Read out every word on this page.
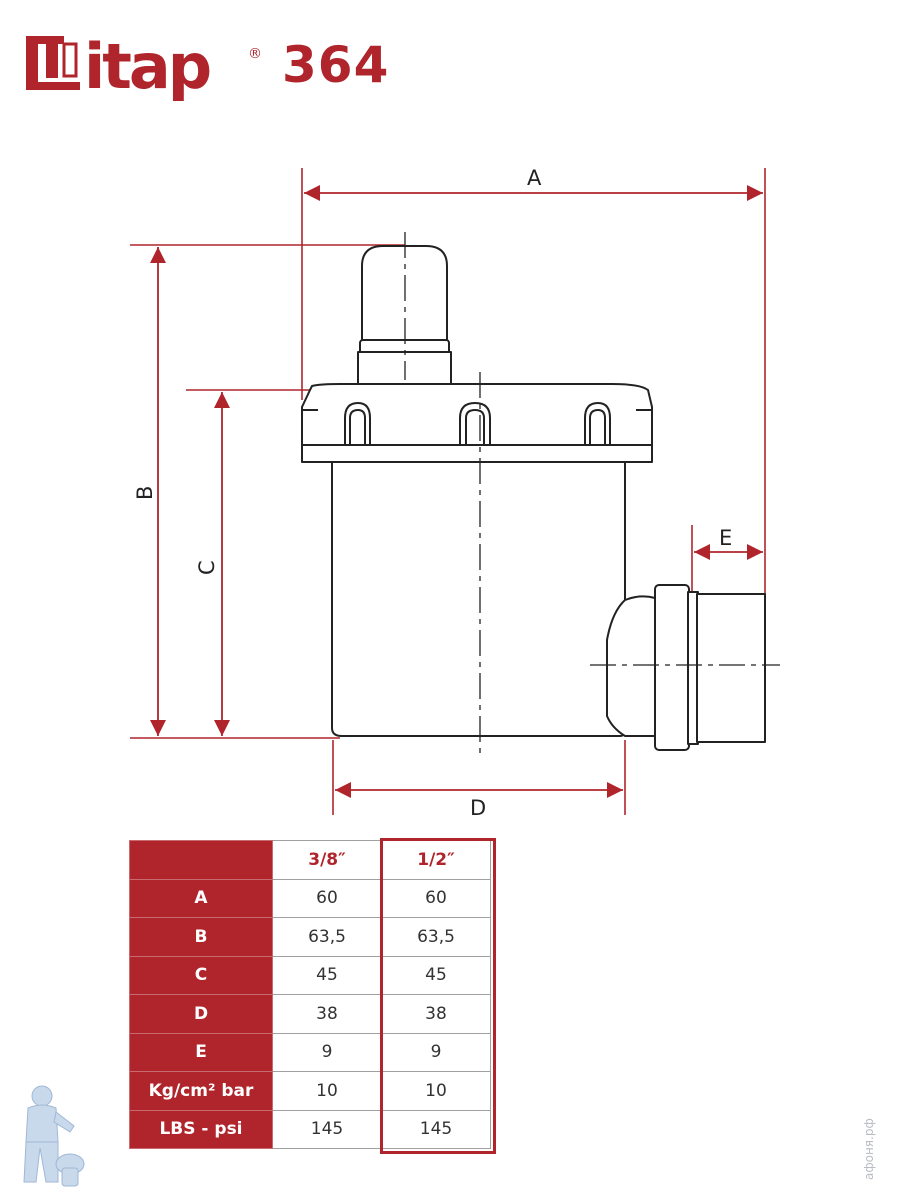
itap	® 364
A
B
C
D
E
	3/8″	1/2″
A	60	60
B	63,5	63,5
C	45	45
D	38	38
E	9	9
Kg/cm² bar	10	10
LBS - psi	145	145	афоня.рф
